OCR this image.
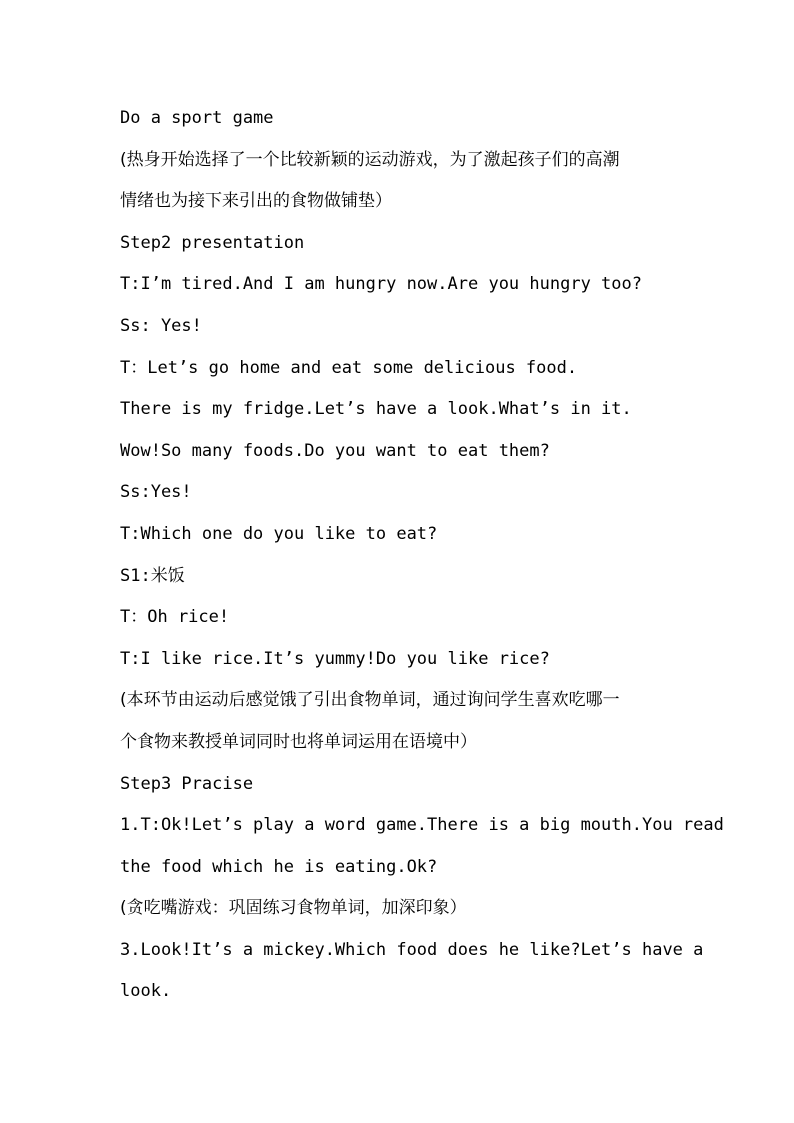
Do a sport game
(热身开始选择了一个比较新颖的运动游戏，为了激起孩子们的高潮
情绪也为接下来引出的食物做铺垫）
Step2 presentation
T:I’m tired.And I am hungry now.Are you hungry too?
Ss: Yes!
T：Let’s go home and eat some delicious food.
There is my fridge.Let’s have a look.What’s in it.
Wow!So many foods.Do you want to eat them?
Ss:Yes!
T:Which one do you like to eat?
S1:米饭
T：Oh rice!
T:I like rice.It’s yummy!Do you like rice?
(本环节由运动后感觉饿了引出食物单词，通过询问学生喜欢吃哪一
个食物来教授单词同时也将单词运用在语境中）
Step3 Pracise
1.T:Ok!Let’s play a word game.There is a big mouth.You read
the food which he is eating.Ok?
(贪吃嘴游戏：巩固练习食物单词，加深印象）
3.Look!It’s a mickey.Which food does he like?Let’s have a
look.
